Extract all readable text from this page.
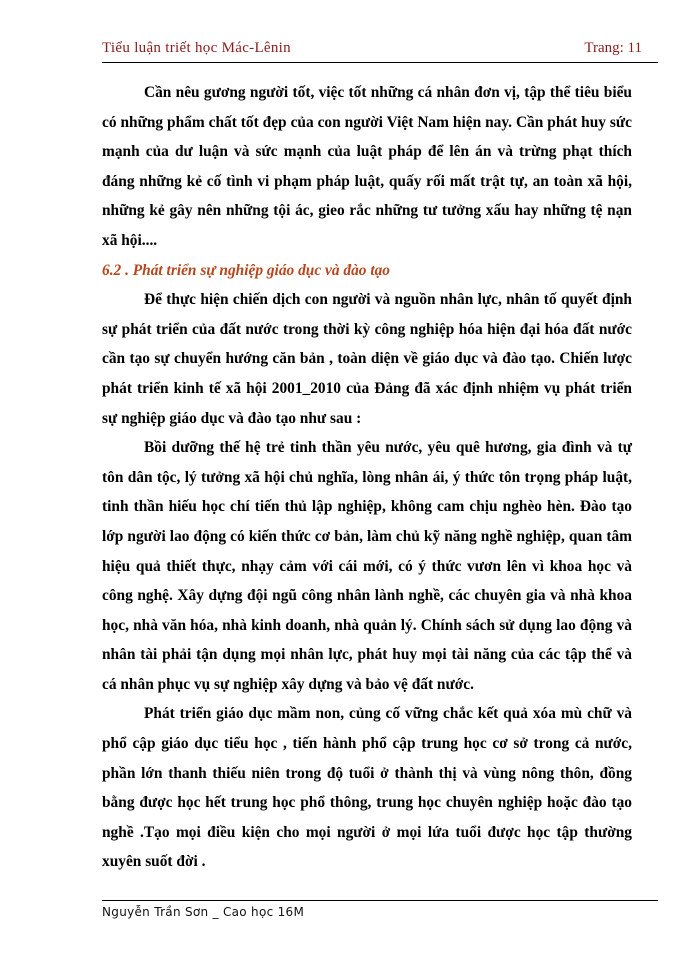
Tiểu luận triết học Mác-Lênin	Trang: 11

Cần nêu gương người tốt, việc tốt những cá nhân đơn vị, tập thể tiêu biểu có những phẩm chất tốt đẹp của con người Việt Nam hiện nay. Cần phát huy sức mạnh của dư luận và sức mạnh của luật pháp để lên án và trừng phạt thích đáng những kẻ cố tình vi phạm pháp luật, quấy rối mất trật tự, an toàn xã hội, những kẻ gây nên những tội ác, gieo rắc những tư tưởng xấu hay những tệ nạn xã hội....

6.2 . Phát triển sự nghiệp giáo dục và đào tạo

Để thực hiện chiến dịch con người và nguồn nhân lực, nhân tố quyết định sự phát triển của đất nước trong thời kỳ công nghiệp hóa hiện đại hóa đất nước cần tạo sự chuyển hướng căn bản , toàn diện về giáo dục và đào tạo. Chiến lược phát triển kinh tế xã hội 2001_2010 của Đảng đã xác định nhiệm vụ phát triển sự nghiệp giáo dục và đào tạo như sau :

Bồi dưỡng thế hệ trẻ tinh thần yêu nước, yêu quê hương, gia đình và tự tôn dân tộc, lý tưởng xã hội chủ nghĩa, lòng nhân ái, ý thức tôn trọng pháp luật, tinh thần hiếu học chí tiến thủ lập nghiệp, không cam chịu nghèo hèn. Đào tạo lớp người lao động có kiến thức cơ bản, làm chủ kỹ năng nghề nghiệp, quan tâm hiệu quả thiết thực, nhạy cảm với cái mới, có ý thức vươn lên vì khoa học và công nghệ. Xây dựng đội ngũ công nhân lành nghề, các chuyên gia và nhà khoa học, nhà văn hóa, nhà kinh doanh, nhà quản lý. Chính sách sử dụng lao động và nhân tài phải tận dụng mọi nhân lực, phát huy mọi tài năng của các tập thể và cá nhân phục vụ sự nghiệp xây dựng và bảo vệ đất nước.

Phát triển giáo dục mầm non, củng cố vững chắc kết quả xóa mù chữ và phổ cập giáo dục tiểu học , tiến hành phổ cập trung học cơ sở trong cả nước, phần lớn thanh thiếu niên trong độ tuổi ở thành thị và vùng nông thôn, đồng bằng được học hết trung học phổ thông, trung học chuyên nghiệp hoặc đào tạo nghề .Tạo mọi điều kiện cho mọi người ở mọi lứa tuổi được học tập thường xuyên suốt đời .

Nguyễn Trần Sơn _ Cao học 16M
